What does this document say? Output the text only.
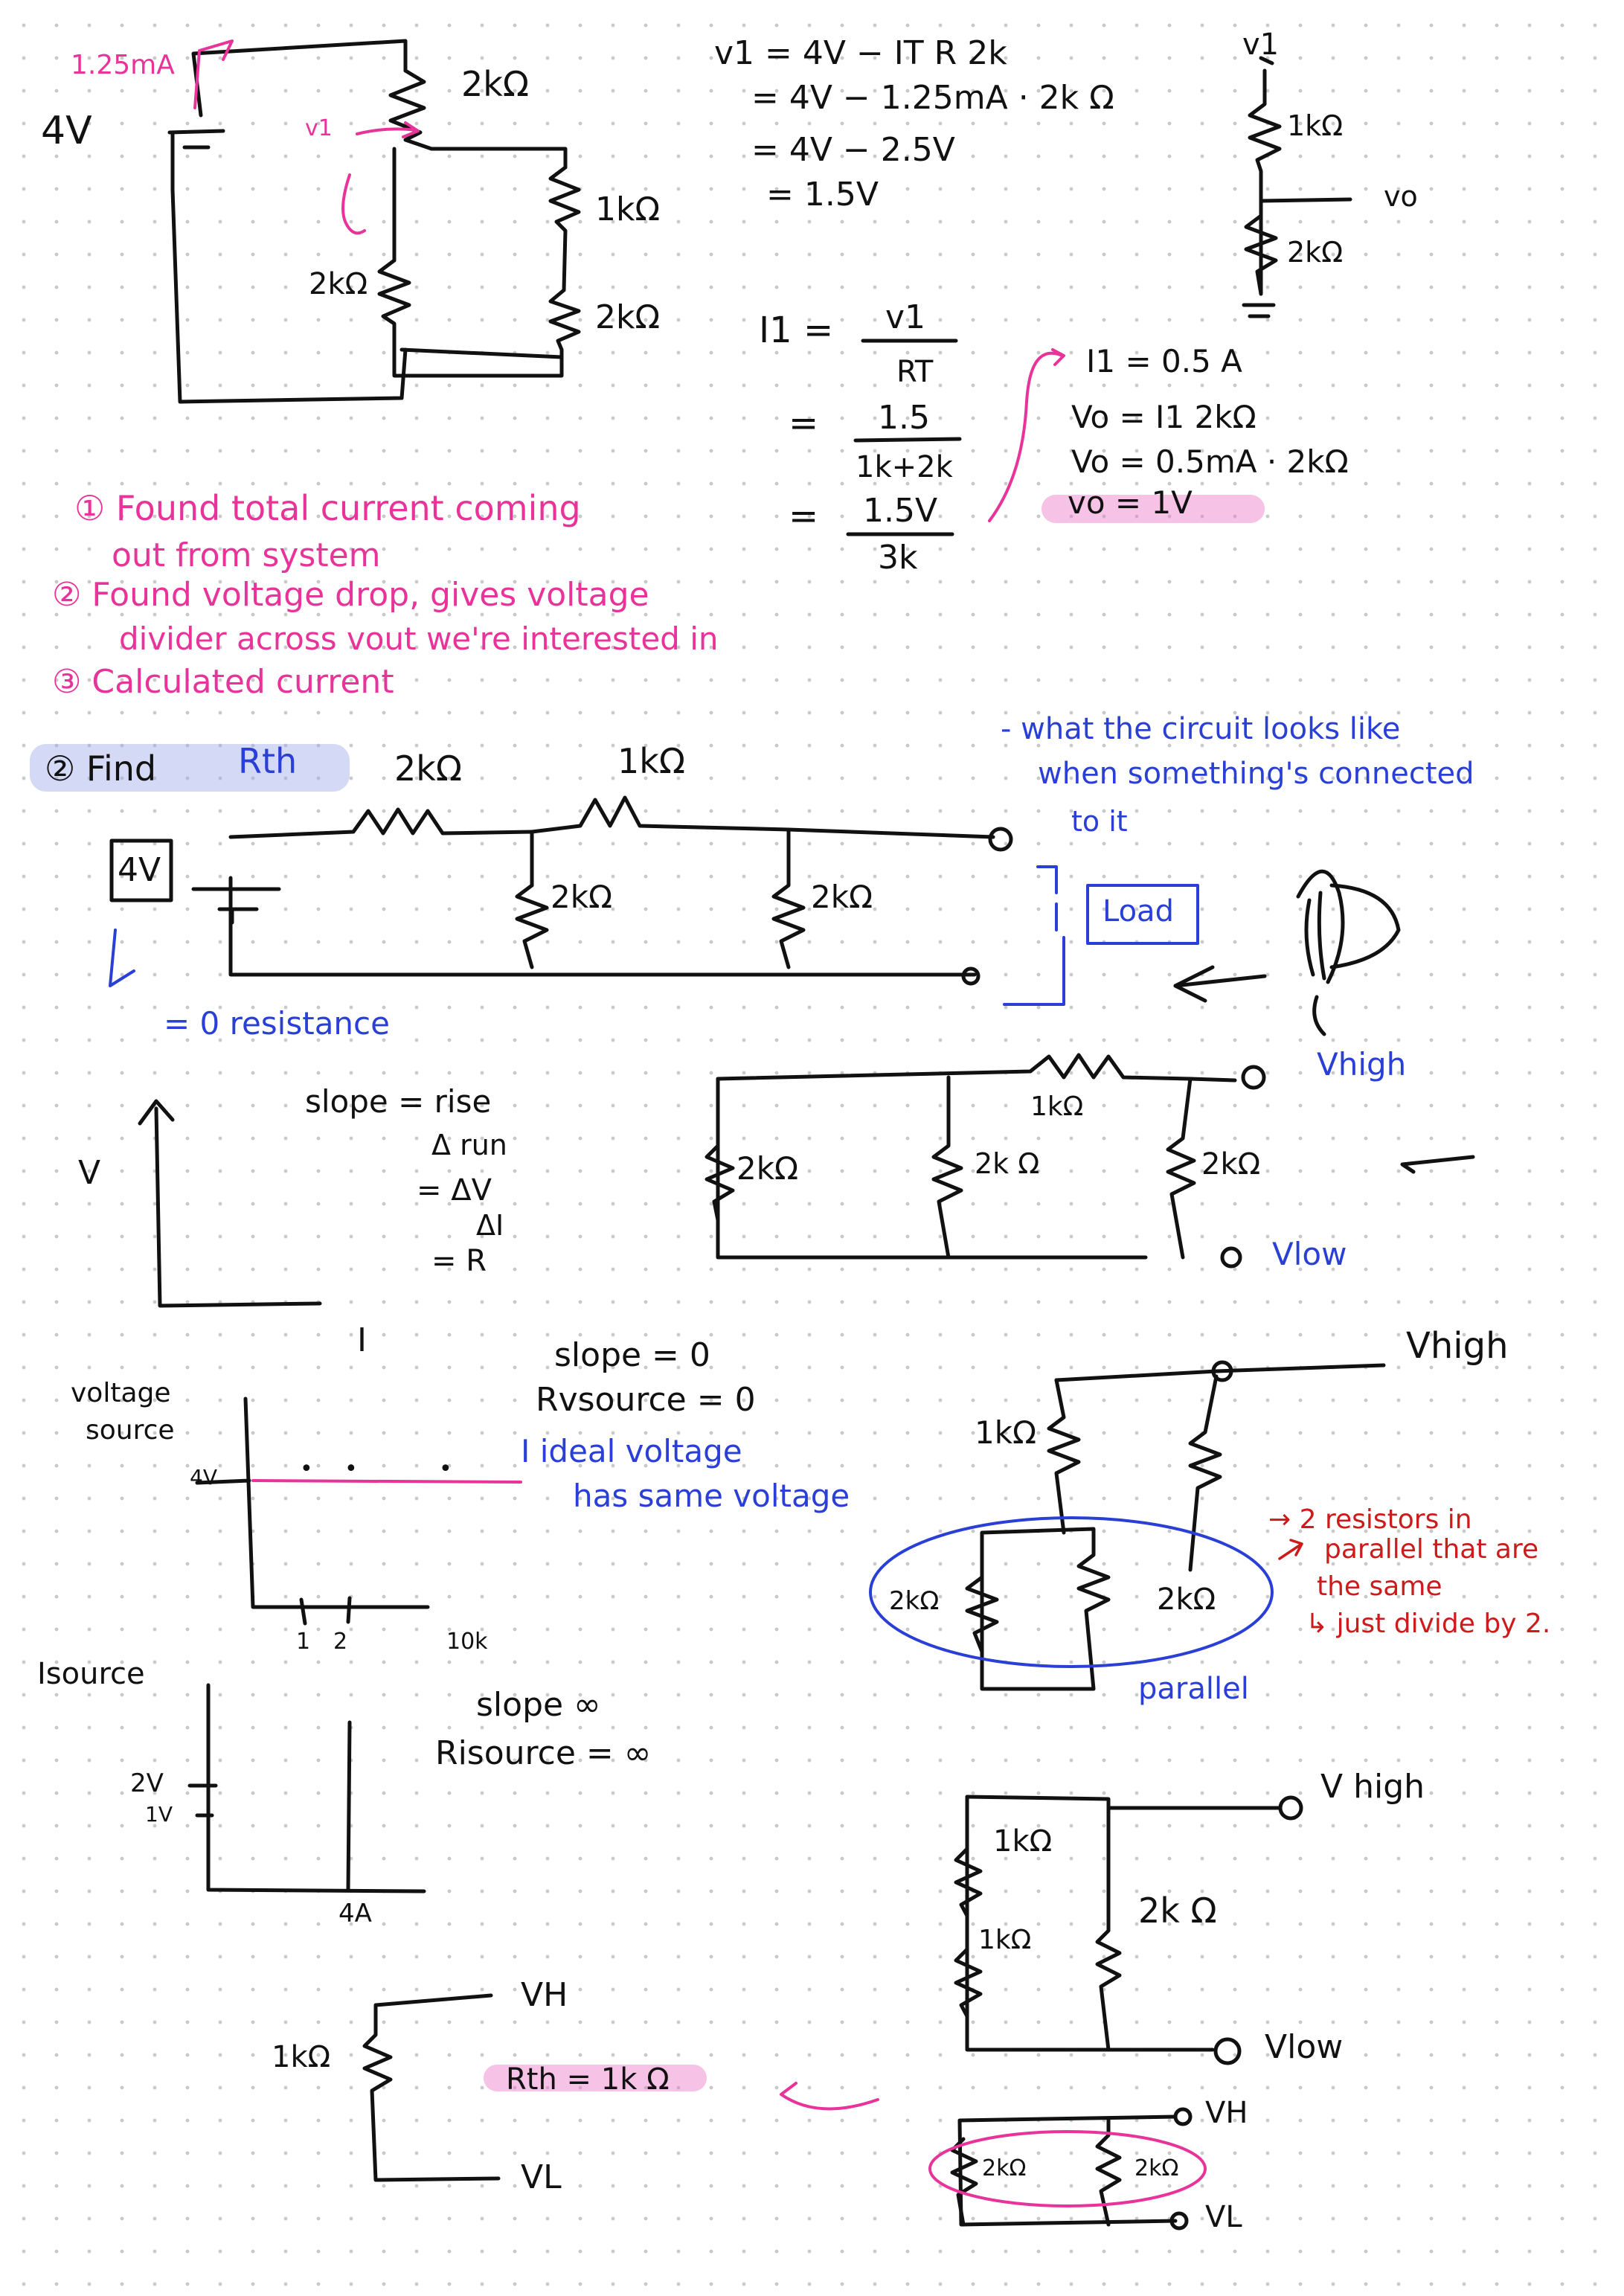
1.25mA
4V
2kΩ
v1
2kΩ
1kΩ
2kΩ
v1 = 4V − IT R 2k
= 4V − 1.25mA · 2k Ω
= 4V − 2.5V
= 1.5V
v1
1kΩ
vo
2kΩ
I1 = v1
RT
= 1.5
1k+2k
= 1.5V
3k
I1 = 0.5 A
Vo = I1 2kΩ
Vo = 0.5mA · 2kΩ
vo = 1V
① Found total current coming
out from system
② Found voltage drop, gives voltage
divider across vout we're interested in
③ Calculated current
② Find Rth	2kΩ	1kΩ
4V
2kΩ	2kΩ
= 0 resistance
- what the circuit looks like
when something's connected
to it
Load
V
I
slope = rise
Δ run
= ΔV
ΔI
= R
2kΩ
1kΩ
2k Ω	2kΩ
Vhigh
Vlow
voltage
source
4V
1 2	10k
• •	•
slope = 0
Rvsource = 0
I ideal voltage
has same voltage
Isource
2V
1V
4A
slope ∞
Risource = ∞
Vhigh
1kΩ
2kΩ	2kΩ
parallel
→ 2 resistors in
parallel that are
the same
↳ just divide by 2.
V high
1kΩ
1kΩ
2k Ω
Vlow
VH
VL
2kΩ	2kΩ
1kΩ
VH
VL
Rth = 1k Ω
